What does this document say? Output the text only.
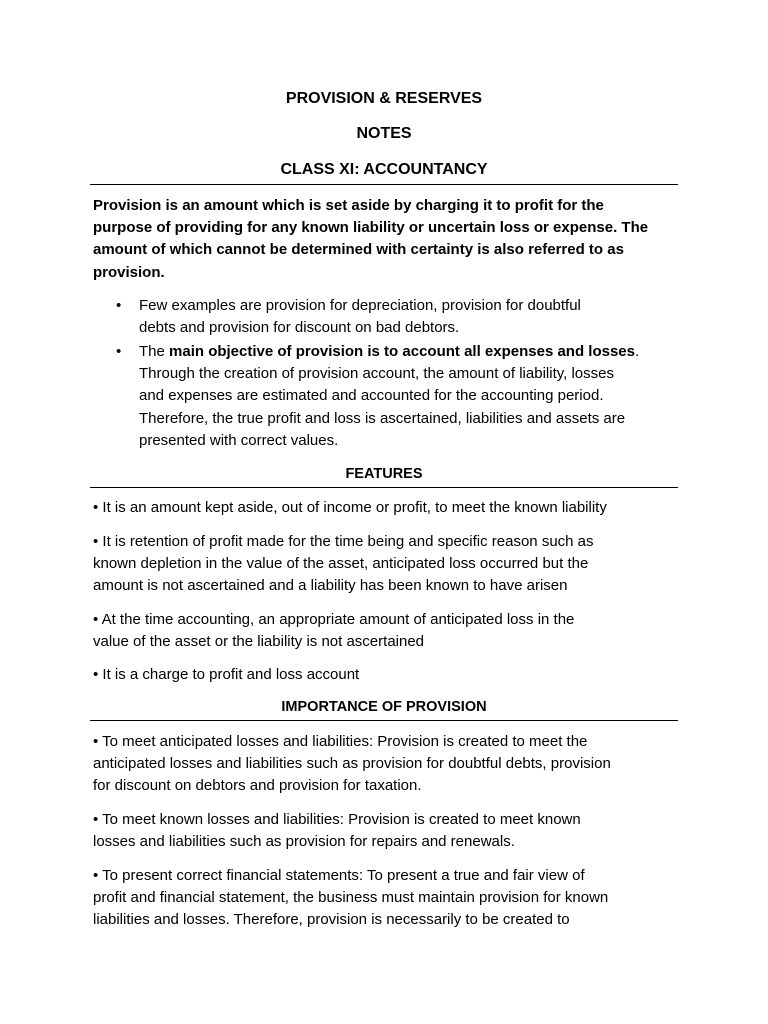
PROVISION & RESERVES
NOTES
CLASS XI: ACCOUNTANCY
Provision is an amount which is set aside by charging it to profit for the
purpose of providing for any known liability or uncertain loss or expense. The
amount of which cannot be determined with certainty is also referred to as
provision.
• Few examples are provision for depreciation, provision for doubtful
debts and provision for discount on bad debtors.
• The main objective of provision is to account all expenses and losses.
Through the creation of provision account, the amount of liability, losses
and expenses are estimated and accounted for the accounting period.
Therefore, the true profit and loss is ascertained, liabilities and assets are
presented with correct values.
FEATURES
• It is an amount kept aside, out of income or profit, to meet the known liability
• It is retention of profit made for the time being and specific reason such as
known depletion in the value of the asset, anticipated loss occurred but the
amount is not ascertained and a liability has been known to have arisen
• At the time accounting, an appropriate amount of anticipated loss in the
value of the asset or the liability is not ascertained
• It is a charge to profit and loss account
IMPORTANCE OF PROVISION
• To meet anticipated losses and liabilities: Provision is created to meet the
anticipated losses and liabilities such as provision for doubtful debts, provision
for discount on debtors and provision for taxation.
• To meet known losses and liabilities: Provision is created to meet known
losses and liabilities such as provision for repairs and renewals.
• To present correct financial statements: To present a true and fair view of
profit and financial statement, the business must maintain provision for known
liabilities and losses. Therefore, provision is necessarily to be created to
